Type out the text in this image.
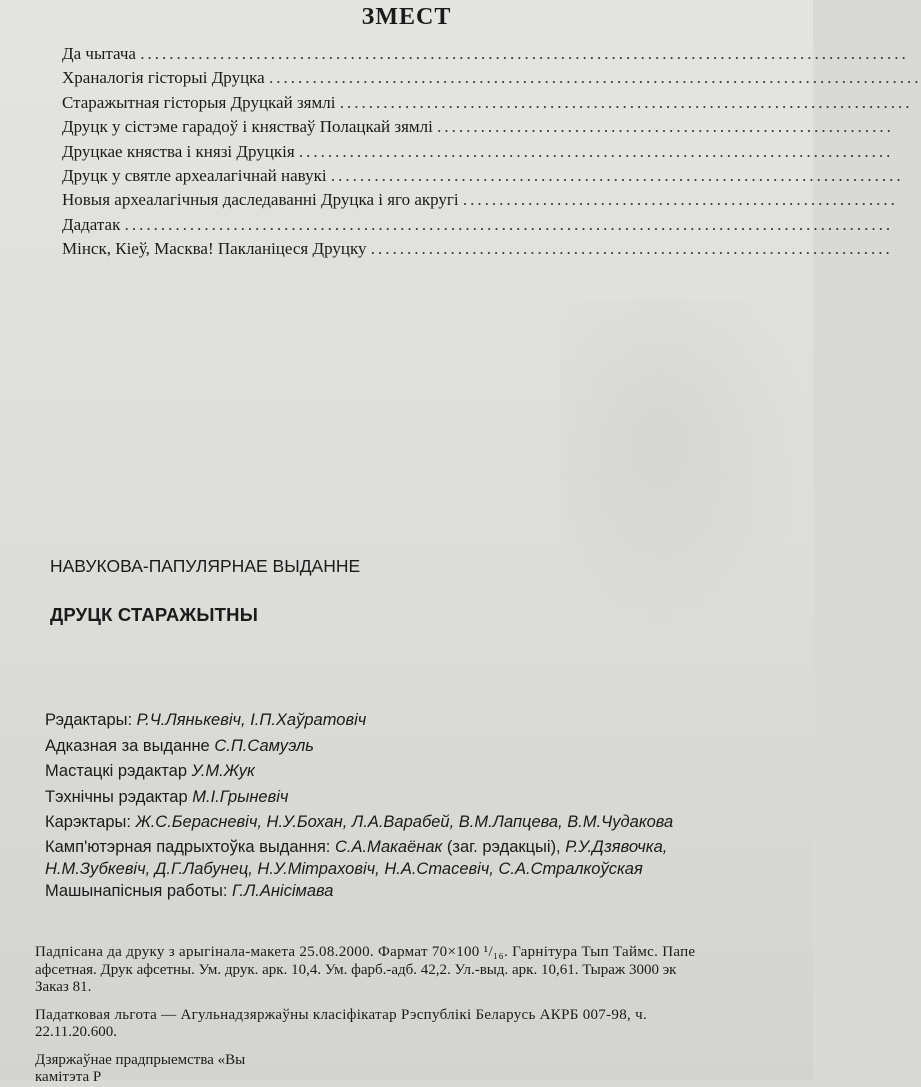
ЗМЕСТ
Да чытача ..........................................................................................................
Храналогія гісторыі Друцка ..........................................................................................
Старажытная гісторыя Друцкай зямлі ...............................................................................
Друцк у сістэме гарадоў і княстваў Полацкай зямлі ...............................................................
Друцкае княства і князі Друцкія ..................................................................................
Друцк у святле археалагічнай навукі ...............................................................................
Новыя археалагічныя даследаванні Друцка і яго акругі ............................................................
Дадатак ..........................................................................................................
Мінск, Кіеў, Масква! Пакланіцеся Друцку ........................................................................

НАВУКОВА-ПАПУЛЯРНАЕ ВЫДАННЕ

ДРУЦК СТАРАЖЫТНЫ

Рэдактары: Р.Ч.Лянькевіч, І.П.Хаўратовіч
Адказная за выданне С.П.Самуэль
Мастацкі рэдактар У.М.Жук
Тэхнічны рэдактар М.І.Грыневіч
Карэктары: Ж.С.Берасневіч, Н.У.Бохан, Л.А.Варабей, В.М.Лапцева, В.М.Чудакова
Камп'ютэрная падрыхтоўка выдання: С.А.Макаёнак (заг. рэдакцыі), Р.У.Дзявочка,
Н.М.Зубкевіч, Д.Г.Лабунец, Н.У.Мітраховіч, Н.А.Стасевіч, С.А.Стралкоўская
Машынапісныя работы: Г.Л.Анісімава
Падпісана да друку з арыгінала-макета 25.08.2000. Фармат 70×100 ¹/₁₆. Гарнітура Тып Таймс. Папе
афсетная. Друк афсетны. Ум. друк. арк. 10,4. Ум. фарб.-адб. 42,2. Ул.-выд. арк. 10,61. Тыраж 3000 эк
Заказ 81.
Падатковая льгота — Агульнадзяржаўны класіфікатар Рэспублікі Беларусь АКРБ 007-98, ч.
22.11.20.600.
Дзяржаўнае прадпрыемства «Вы
камітэта Р
